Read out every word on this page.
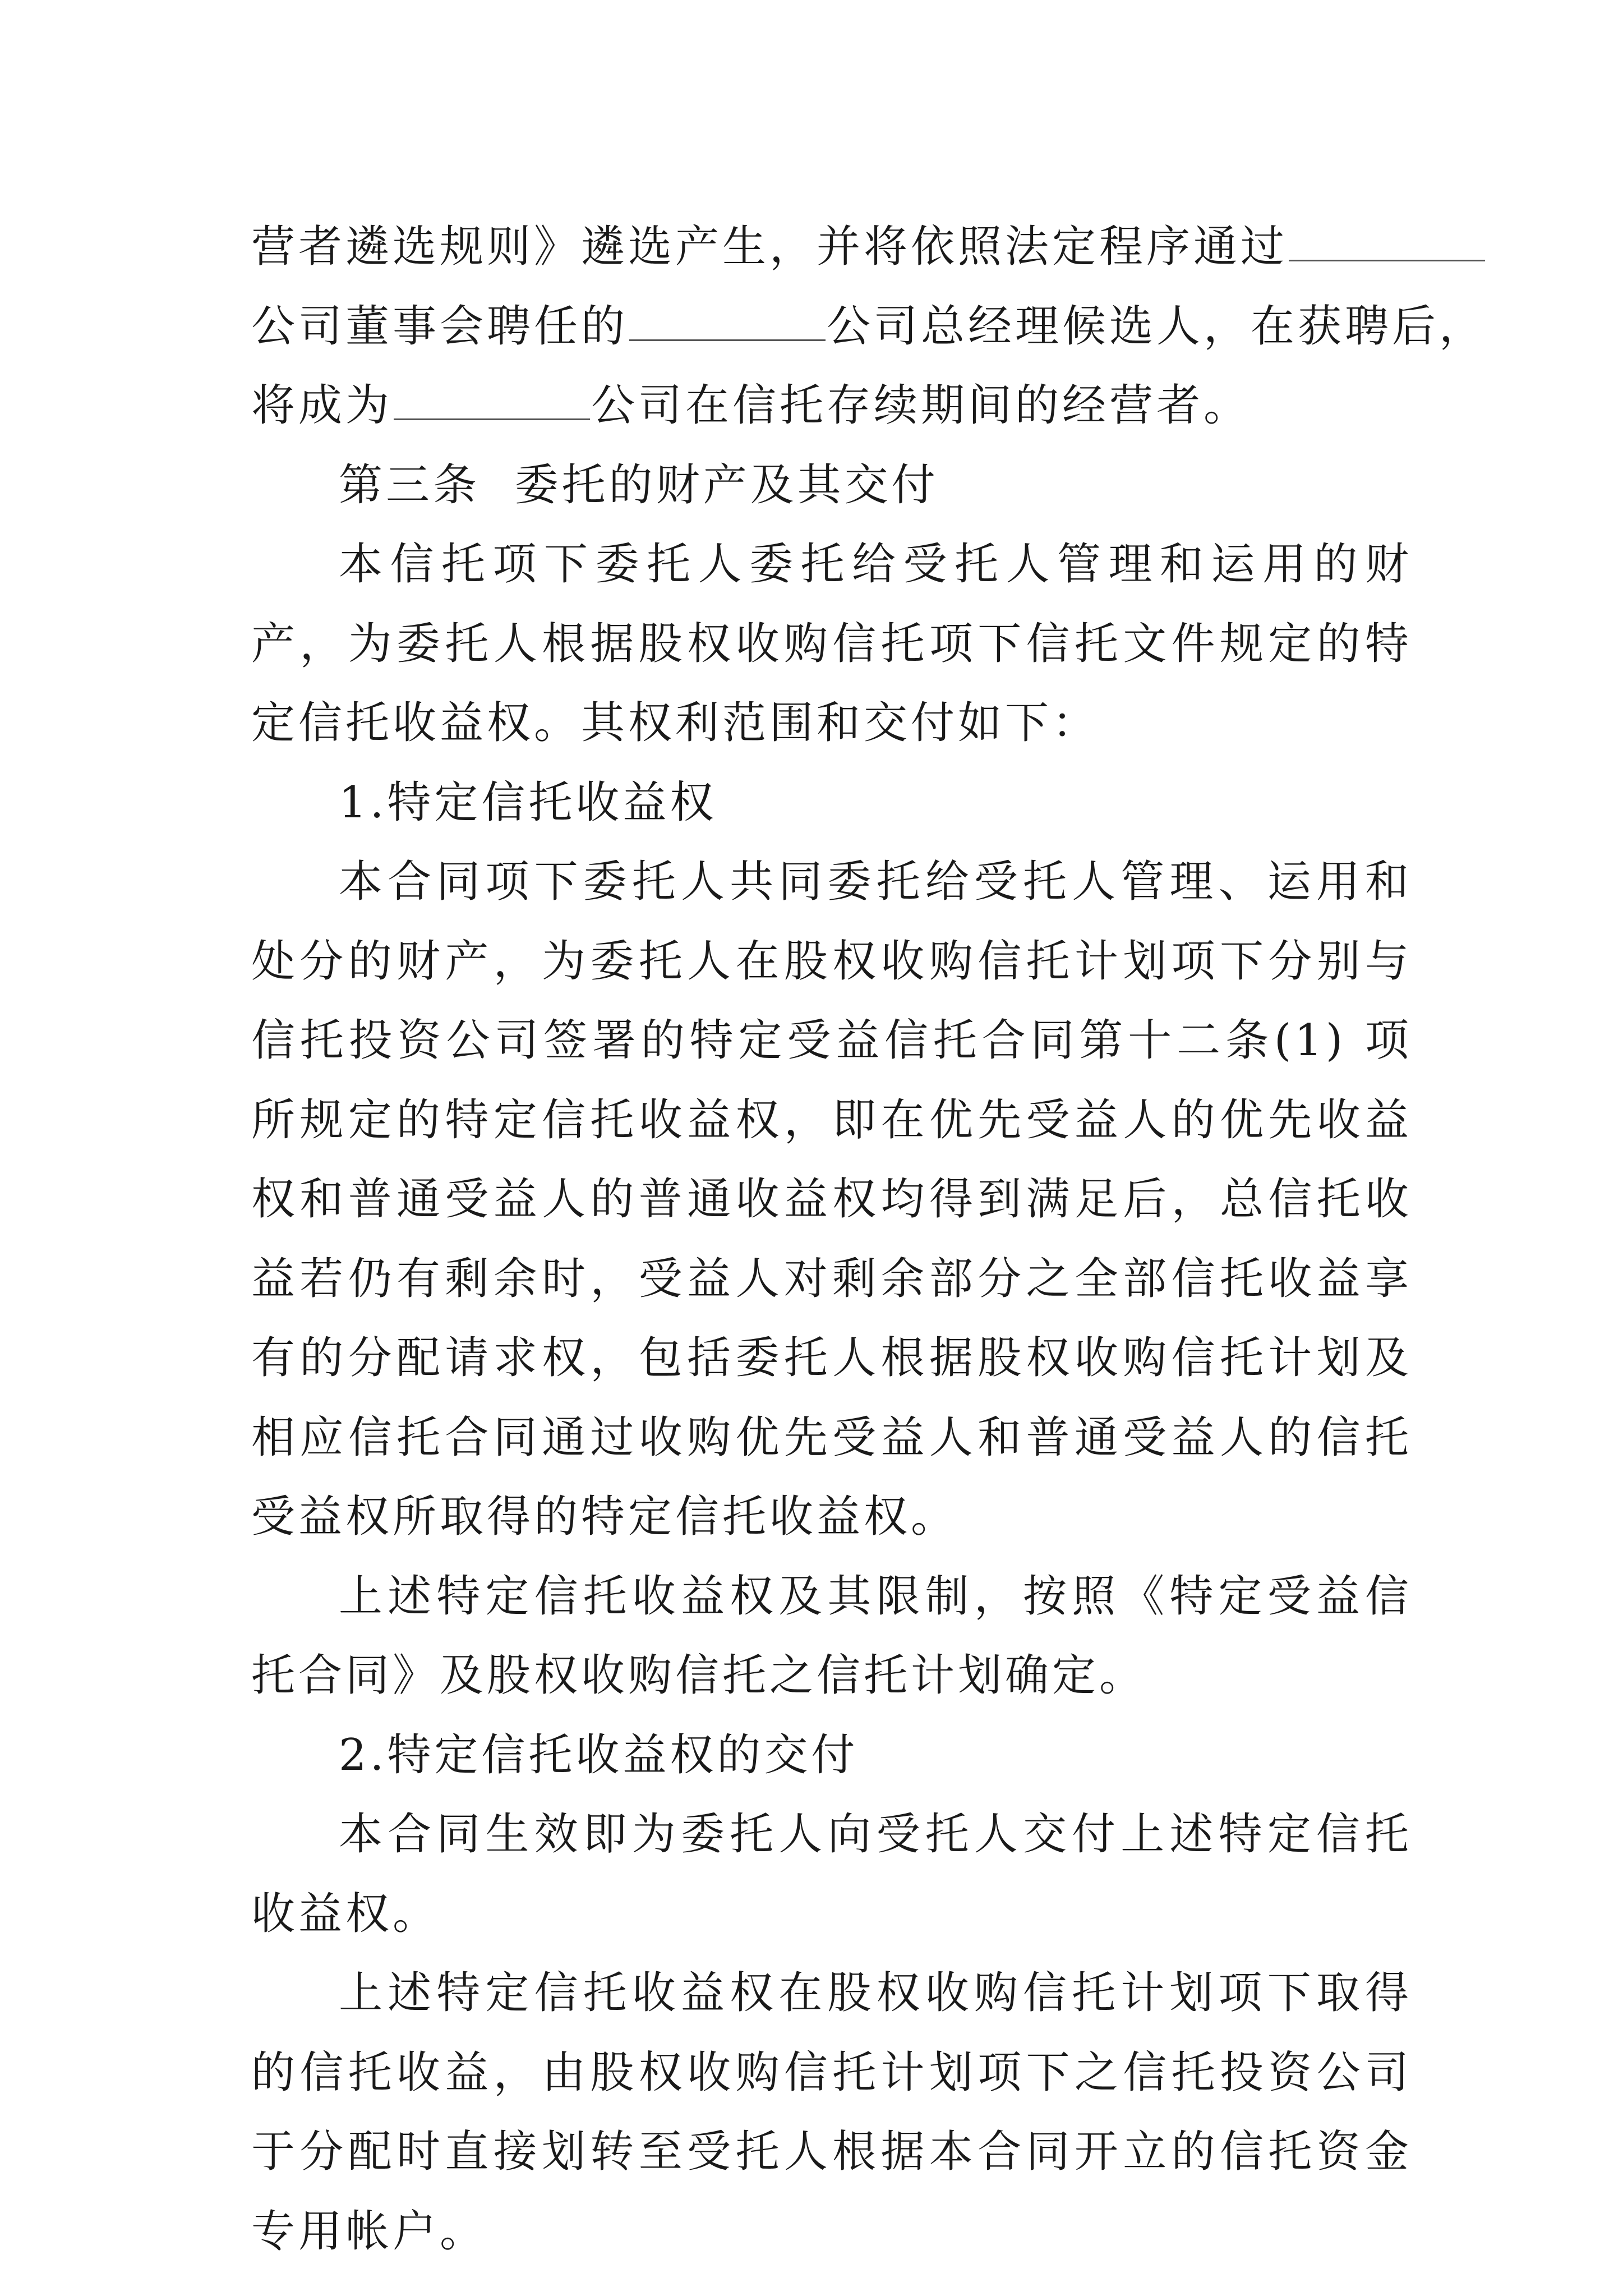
营者遴选规则》遴选产生，并将依照法定程序通过

公司董事会聘任的	公司总经理候选人，在获聘后，

将成为	公司在信托存续期间的经营者。

第三条  委托的财产及其交付

本信托项下委托人委托给受托人管理和运用的财产，为委托人根据股权收购信托项下信托文件规定的特定信托收益权。其权利范围和交付如下：

1.特定信托收益权

本合同项下委托人共同委托给受托人管理、运用和处分的财产，为委托人在股权收购信托计划项下分别与信托投资公司签署的特定受益信托合同第十二条(1) 项所规定的特定信托收益权，即在优先受益人的优先收益权和普通受益人的普通收益权均得到满足后，总信托收益若仍有剩余时，受益人对剩余部分之全部信托收益享有的分配请求权，包括委托人根据股权收购信托计划及相应信托合同通过收购优先受益人和普通受益人的信托受益权所取得的特定信托收益权。

上述特定信托收益权及其限制，按照《特定受益信托合同》及股权收购信托之信托计划确定。

2.特定信托收益权的交付

本合同生效即为委托人向受托人交付上述特定信托收益权。

上述特定信托收益权在股权收购信托计划项下取得的信托收益，由股权收购信托计划项下之信托投资公司于分配时直接划转至受托人根据本合同开立的信托资金专用帐户。
